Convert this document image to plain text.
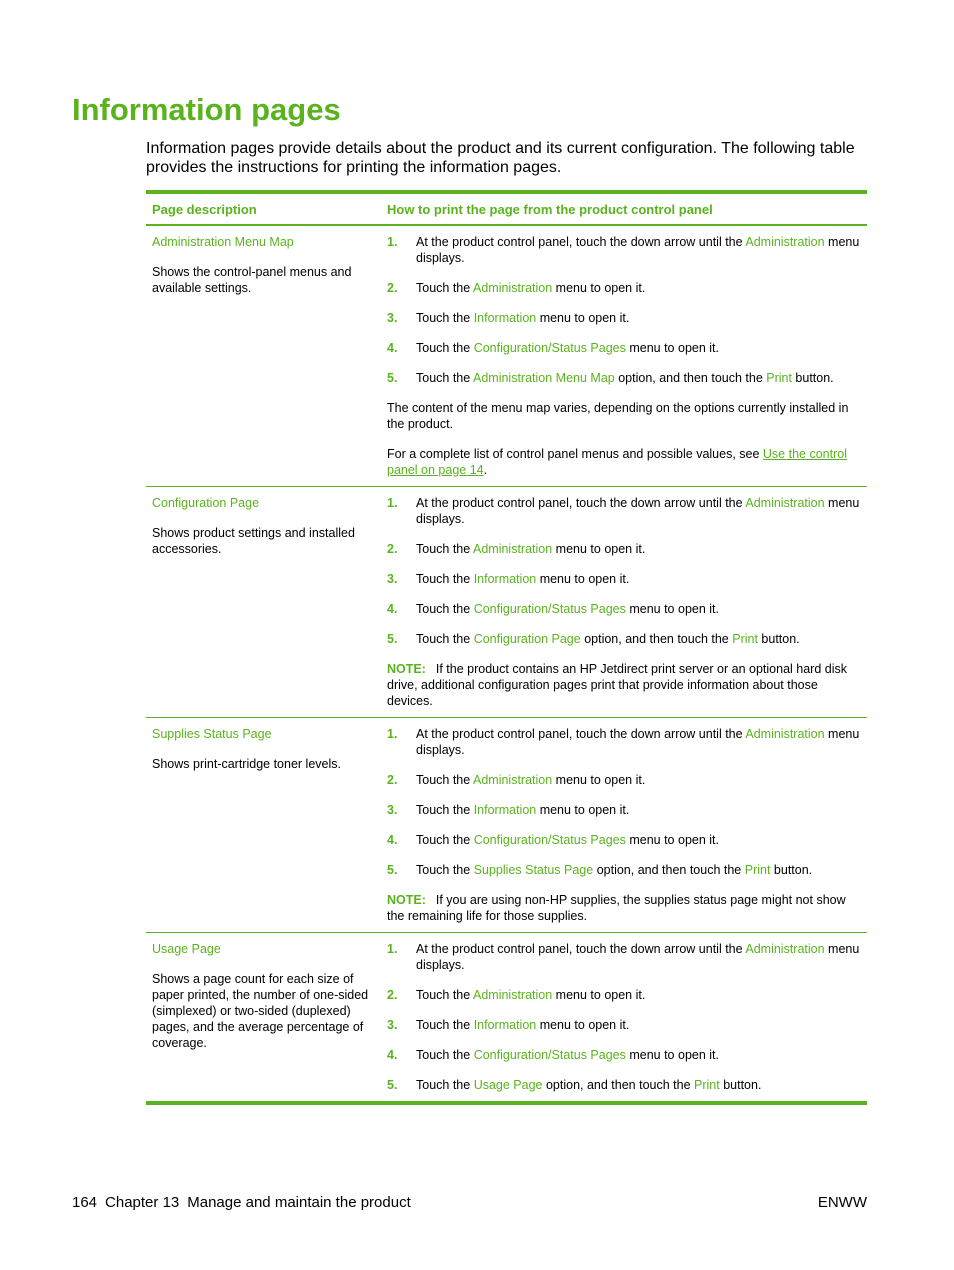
Information pages
Information pages provide details about the product and its current configuration. The following table provides the instructions for printing the information pages.
Page description	How to print the page from the product control panel
Administration Menu Map
Shows the control-panel menus and available settings.
1. At the product control panel, touch the down arrow until the Administration menu displays.
2. Touch the Administration menu to open it.
3. Touch the Information menu to open it.
4. Touch the Configuration/Status Pages menu to open it.
5. Touch the Administration Menu Map option, and then touch the Print button.

The content of the menu map varies, depending on the options currently installed in the product.

For a complete list of control panel menus and possible values, see Use the control panel on page 14.

Configuration Page
Shows product settings and installed accessories.
1. At the product control panel, touch the down arrow until the Administration menu displays.
2. Touch the Administration menu to open it.
3. Touch the Information menu to open it.
4. Touch the Configuration/Status Pages menu to open it.
5. Touch the Configuration Page option, and then touch the Print button.

NOTE: If the product contains an HP Jetdirect print server or an optional hard disk drive, additional configuration pages print that provide information about those devices.

Supplies Status Page
Shows print-cartridge toner levels.
1. At the product control panel, touch the down arrow until the Administration menu displays.
2. Touch the Administration menu to open it.
3. Touch the Information menu to open it.
4. Touch the Configuration/Status Pages menu to open it.
5. Touch the Supplies Status Page option, and then touch the Print button.

NOTE: If you are using non-HP supplies, the supplies status page might not show the remaining life for those supplies.

Usage Page
Shows a page count for each size of paper printed, the number of one-sided (simplexed) or two-sided (duplexed) pages, and the average percentage of coverage.
1. At the product control panel, touch the down arrow until the Administration menu displays.
2. Touch the Administration menu to open it.
3. Touch the Information menu to open it.
4. Touch the Configuration/Status Pages menu to open it.
5. Touch the Usage Page option, and then touch the Print button.
164 Chapter 13 Manage and maintain the product	ENWW
